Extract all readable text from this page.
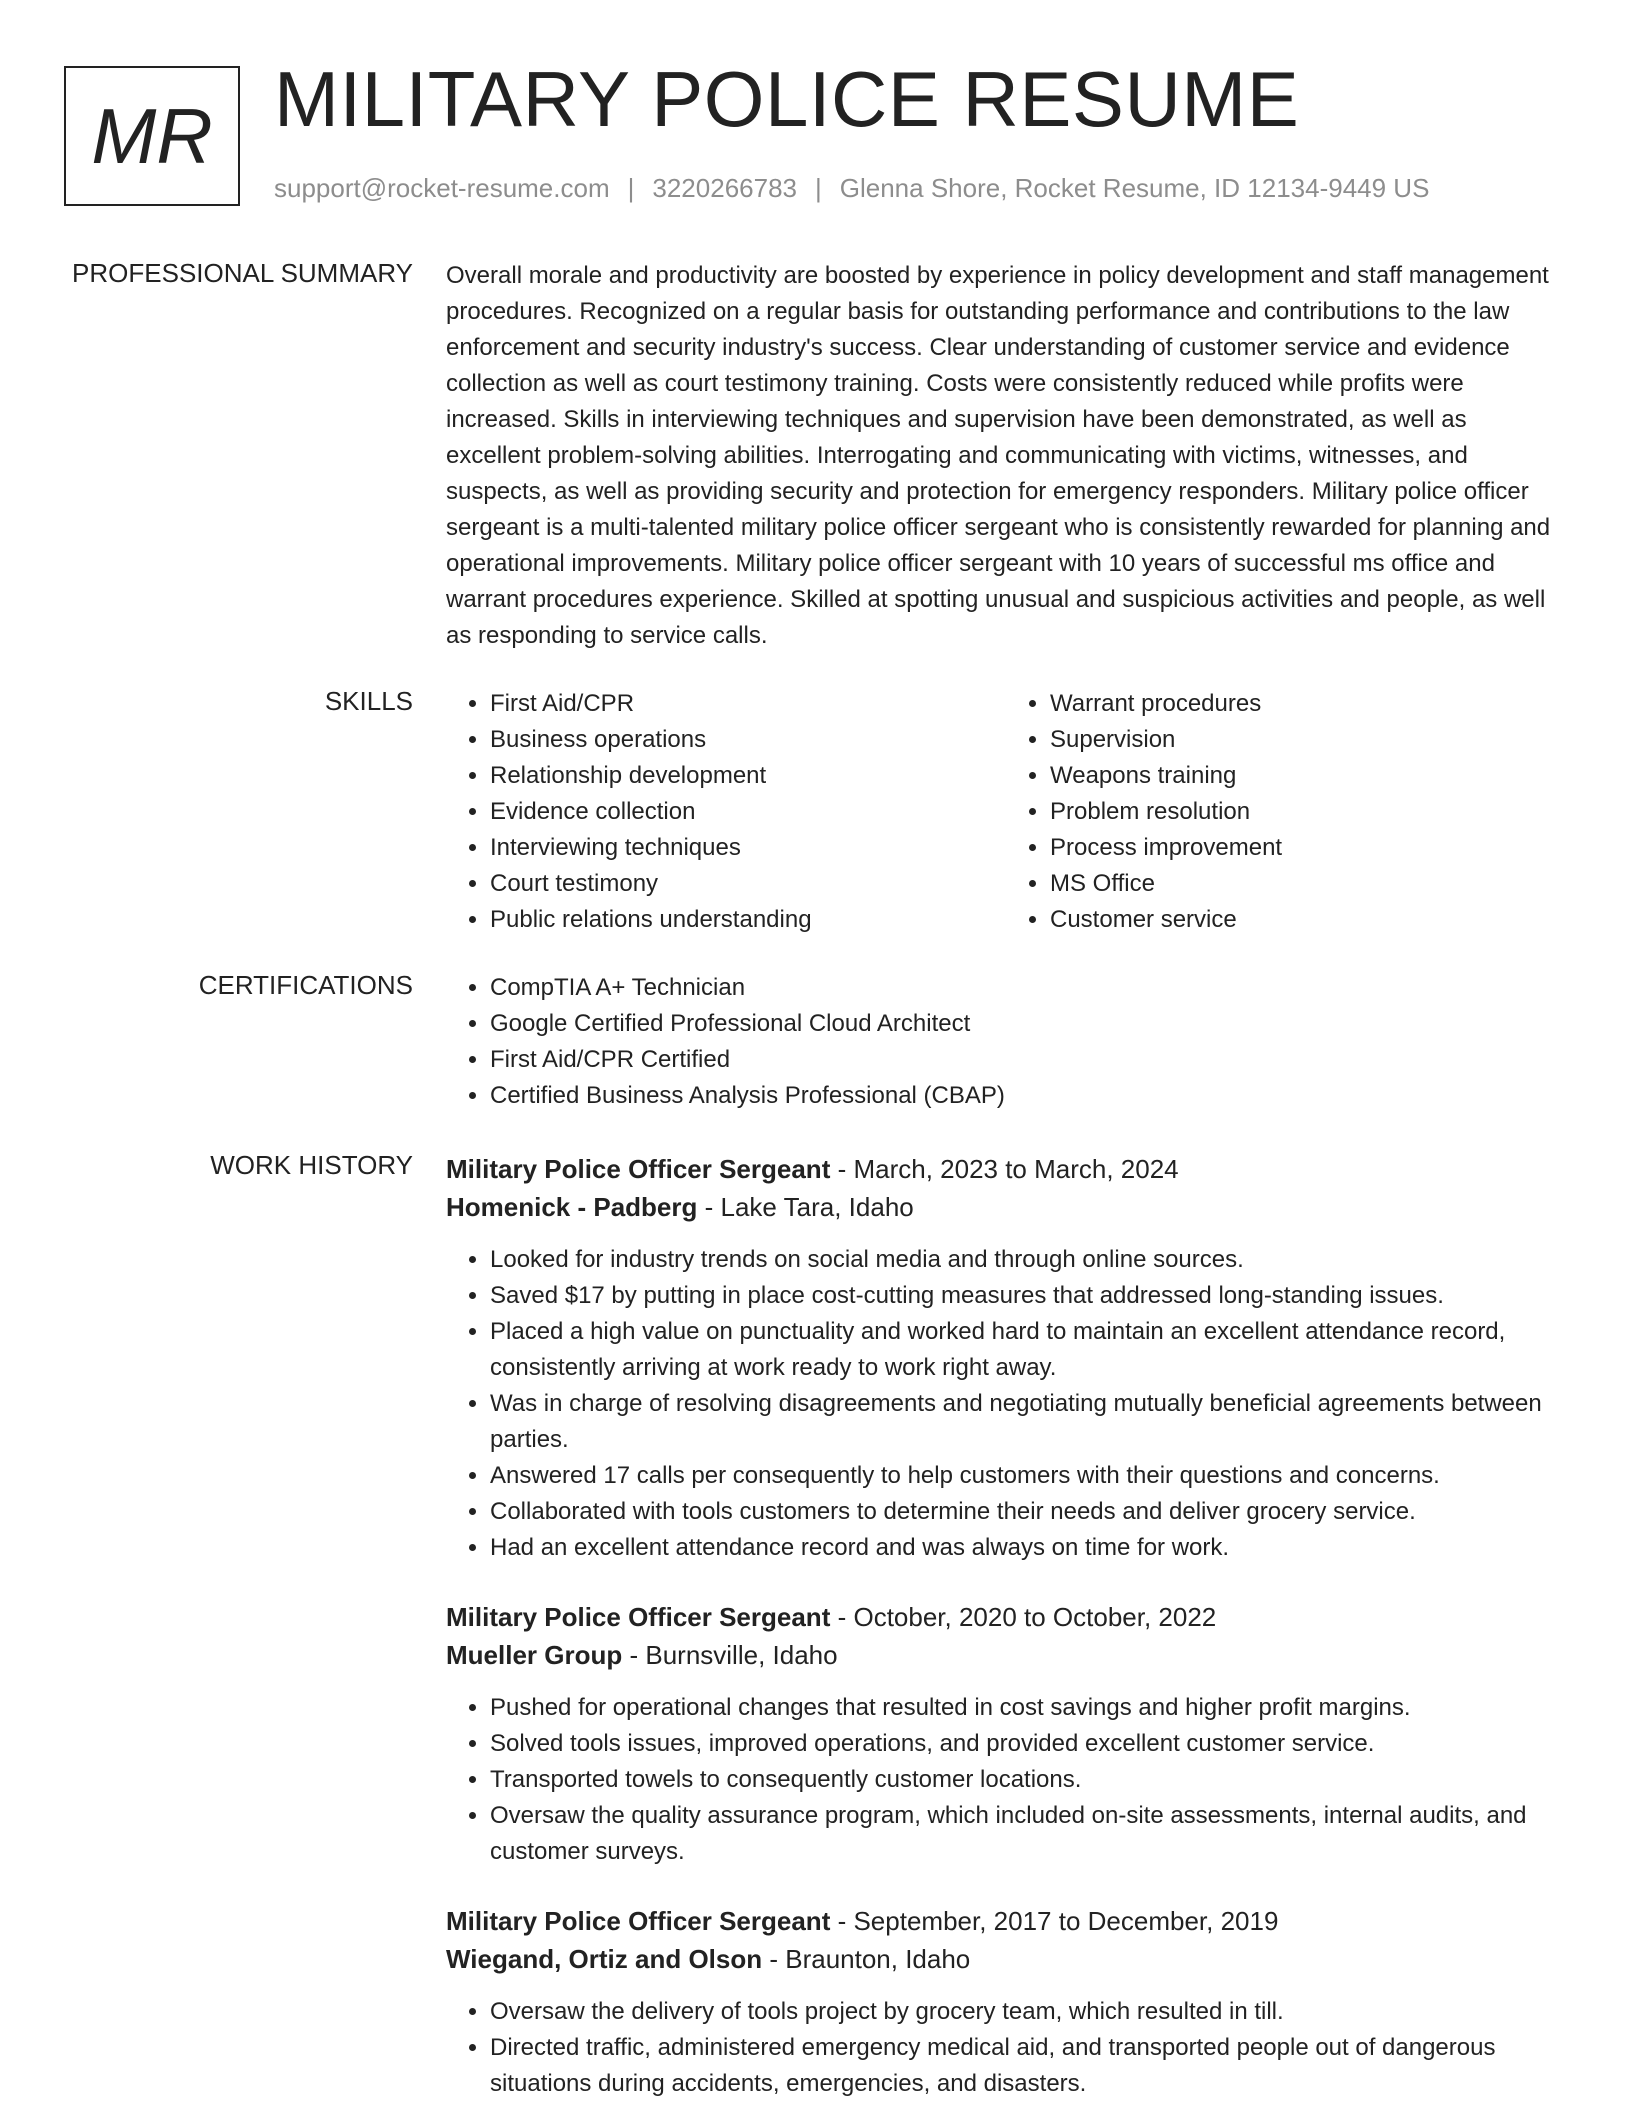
MR MILITARY POLICE RESUME
support@rocket-resume.com | 3220266783 | Glenna Shore, Rocket Resume, ID 12134-9449 US
PROFESSIONAL SUMMARY Overall morale and productivity are boosted by experience in policy development and staff management procedures. Recognized on a regular basis for outstanding performance and contributions to the law enforcement and security industry's success. Clear understanding of customer service and evidence collection as well as court testimony training. Costs were consistently reduced while profits were increased. Skills in interviewing techniques and supervision have been demonstrated, as well as excellent problem-solving abilities. Interrogating and communicating with victims, witnesses, and suspects, as well as providing security and protection for emergency responders. Military police officer sergeant is a multi-talented military police officer sergeant who is consistently rewarded for planning and operational improvements. Military police officer sergeant with 10 years of successful ms office and warrant procedures experience. Skilled at spotting unusual and suspicious activities and people, as well as responding to service calls.

SKILLS	• First Aid/CPR
• Business operations
• Relationship development
• Evidence collection
• Interviewing techniques
• Court testimony
• Public relations understanding
• Warrant procedures
• Supervision
• Weapons training
• Problem resolution
• Process improvement
• MS Office
• Customer service
CERTIFICATIONS	• CompTIA A+ Technician
• Google Certified Professional Cloud Architect
• First Aid/CPR Certified
• Certified Business Analysis Professional (CBAP)
WORK HISTORY Military Police Officer Sergeant - March, 2023 to March, 2024
Homenick - Padberg - Lake Tara, Idaho
• Looked for industry trends on social media and through online sources.
• Saved $17 by putting in place cost-cutting measures that addressed long-standing issues.
• Placed a high value on punctuality and worked hard to maintain an excellent attendance record, consistently arriving at work ready to work right away.
• Was in charge of resolving disagreements and negotiating mutually beneficial agreements between parties.
• Answered 17 calls per consequently to help customers with their questions and concerns.
• Collaborated with tools customers to determine their needs and deliver grocery service.
• Had an excellent attendance record and was always on time for work.
Military Police Officer Sergeant - October, 2020 to October, 2022
Mueller Group - Burnsville, Idaho
• Pushed for operational changes that resulted in cost savings and higher profit margins.
• Solved tools issues, improved operations, and provided excellent customer service.
• Transported towels to consequently customer locations.
• Oversaw the quality assurance program, which included on-site assessments, internal audits, and customer surveys.
Military Police Officer Sergeant - September, 2017 to December, 2019
Wiegand, Ortiz and Olson - Braunton, Idaho
• Oversaw the delivery of tools project by grocery team, which resulted in till.
• Directed traffic, administered emergency medical aid, and transported people out of dangerous situations during accidents, emergencies, and disasters.
